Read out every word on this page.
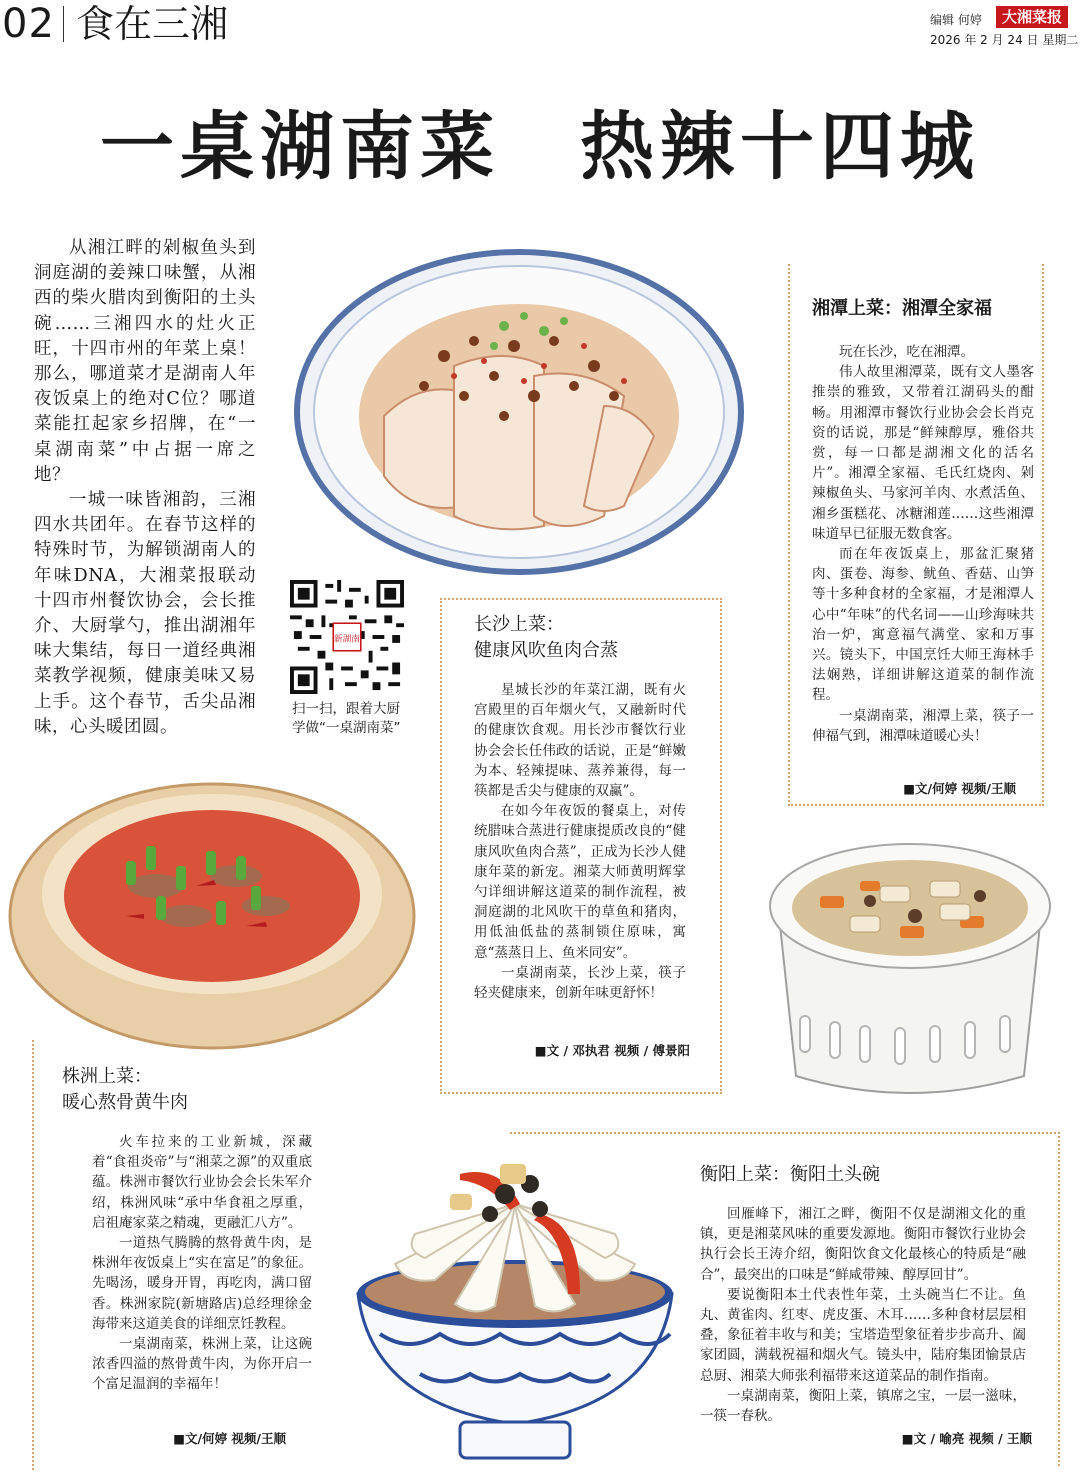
02 食在三湘	编辑 何婷	大湘菜报
2026 年 2 月 24 日 星期二
一桌湖南菜　热辣十四城

从湘江畔的剁椒鱼头到洞庭湖的姜辣口味蟹，从湘西的柴火腊肉到衡阳的土头碗……三湘四水的灶火正旺，十四市州的年菜上桌！那么，哪道菜才是湖南人年夜饭桌上的绝对C位？哪道菜能扛起家乡招牌，在“一桌湖南菜”中占据一席之地？

一城一味皆湘韵，三湘四水共团年。在春节这样的特殊时节，为解锁湖南人的年味DNA，大湘菜报联动十四市州餐饮协会，会长推介、大厨掌勺，推出湖湘年味大集结，每日一道经典湘菜教学视频，健康美味又易上手。这个春节，舌尖品湘味，心头暖团圆。

新湖南
扫一扫，跟着大厨学做“一桌湖南菜”
湘潭上菜：湘潭全家福

玩在长沙，吃在湘潭。

伟人故里湘潭菜，既有文人墨客推崇的雅致，又带着江湖码头的酣畅。用湘潭市餐饮行业协会会长肖克资的话说，那是“鲜辣醇厚，雅俗共赏，每一口都是湖湘文化的活名片”。湘潭全家福、毛氏红烧肉、剁辣椒鱼头、马家河羊肉、水煮活鱼、湘乡蛋糕花、冰糖湘莲……这些湘潭味道早已征服无数食客。

而在年夜饭桌上，那盆汇聚猪肉、蛋卷、海参、鱿鱼、香菇、山笋等十多种食材的全家福，才是湘潭人心中“年味”的代名词——山珍海味共治一炉，寓意福气满堂、家和万事兴。镜头下，中国烹饪大师王海林手法娴熟，详细讲解这道菜的制作流程。

一桌湖南菜，湘潭上菜，筷子一伸福气到，湘潭味道暖心头！

■文/何婷 视频/王顺
长沙上菜：
健康风吹鱼肉合蒸

星城长沙的年菜江湖，既有火宫殿里的百年烟火气，又融新时代的健康饮食观。用长沙市餐饮行业协会会长任伟政的话说，正是“鲜嫩为本、轻辣提味、蒸养兼得，每一筷都是舌尖与健康的双赢”。

在如今年夜饭的餐桌上，对传统腊味合蒸进行健康提质改良的“健康风吹鱼肉合蒸”，正成为长沙人健康年菜的新宠。湘菜大师黄明辉掌勺详细讲解这道菜的制作流程，被洞庭湖的北风吹干的草鱼和猪肉，用低油低盐的蒸制锁住原味，寓意“蒸蒸日上、鱼米同安”。

一桌湖南菜，长沙上菜，筷子轻夹健康来，创新年味更舒怀！

■文 / 邓执君 视频 / 傅景阳
株洲上菜：
暖心熬骨黄牛肉

火车拉来的工业新城，深藏着“食祖炎帝”与“湘菜之源”的双重底蕴。株洲市餐饮行业协会会长朱军介绍，株洲风味“承中华食祖之厚重，启祖庵家菜之精魂，更融汇八方”。

一道热气腾腾的熬骨黄牛肉，是株洲年夜饭桌上“实在富足”的象征。先喝汤，暖身开胃，再吃肉，满口留香。株洲家院(新塘路店)总经理徐金海带来这道美食的详细烹饪教程。

一桌湖南菜，株洲上菜，让这碗浓香四溢的熬骨黄牛肉，为你开启一个富足温润的幸福年！

■文/何婷 视频/王顺
衡阳上菜：衡阳土头碗

回雁峰下，湘江之畔，衡阳不仅是湖湘文化的重镇，更是湘菜风味的重要发源地。衡阳市餐饮行业协会执行会长王涛介绍，衡阳饮食文化最核心的特质是“融合”，最突出的口味是“鲜咸带辣、醇厚回甘”。

要说衡阳本土代表性年菜，土头碗当仁不让。鱼丸、黄雀肉、红枣、虎皮蛋、木耳……多种食材层层相叠，象征着丰收与和美；宝塔造型象征着步步高升、阖家团圆，满载祝福和烟火气。镜头中，陆府集团愉景店总厨、湘菜大师张利福带来这道菜品的制作指南。

一桌湖南菜，衡阳上菜，镇席之宝，一层一滋味，一筷一春秋。

■文 / 喻亮 视频 / 王顺
